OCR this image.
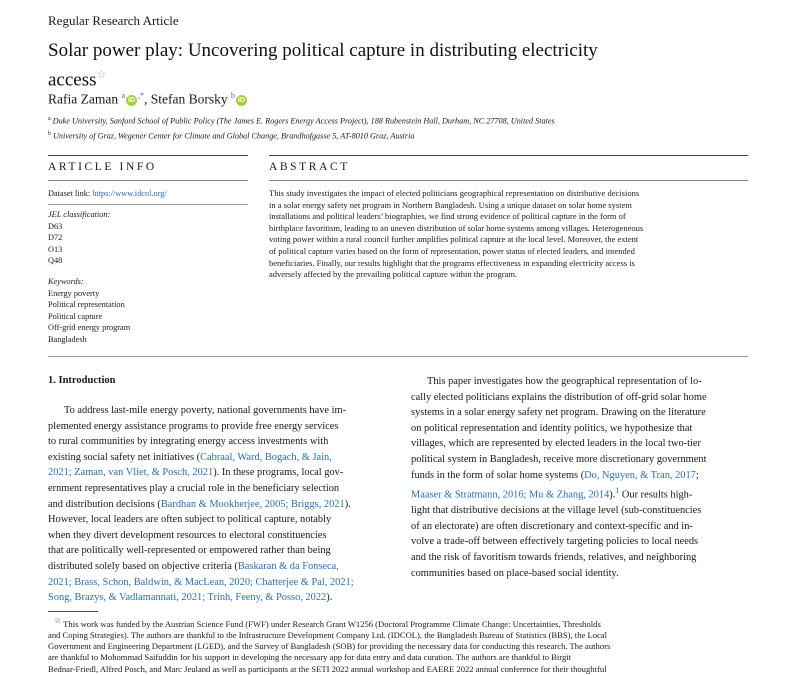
Regular Research Article
Solar power play: Uncovering political capture in distributing electricity
access☆
Rafia Zaman $^a$iD,*, Stefan Borsky $^b$iD
$^a$ Duke University, Sanford School of Public Policy (The James E. Rogers Energy Access Project), 188 Rubenstein Hall, Durham, NC 27708, United States
$^b$ University of Graz, Wegener Center for Climate and Global Change, Brandhofgasse 5, AT-8010 Graz, Austria
ARTICLE INFO
Dataset link: https://www.idcol.org/
JEL classification:
D63
D72
O13
Q48
Keywords:
Energy poverty
Political representation
Political capture
Off-grid energy program
Bangladesh
ABSTRACT
This study investigates the impact of elected politicians geographical representation on distributive decisions
in a solar energy safety net program in Northern Bangladesh. Using a unique dataset on solar home system
installations and political leaders’ biographies, we find strong evidence of political capture in the form of
birthplace favoritism, leading to an uneven distribution of solar home systems among villages. Heterogeneous
voting power within a rural council further amplifies political capture at the local level. Moreover, the extent
of political capture varies based on the form of representation, power status of elected leaders, and intended
beneficiaries. Finally, our results highlight that the programs effectiveness in expanding electricity access is
adversely affected by the prevailing political capture within the program.
1. Introduction

To address last-mile energy poverty, national governments have im-

plemented energy assistance programs to provide free energy services

to rural communities by integrating energy access investments with

existing social safety net initiatives (Cabraal, Ward, Bogach, & Jain,

2021; Zaman, van Vliet, & Posch, 2021). In these programs, local gov-

ernment representatives play a crucial role in the beneficiary selection

and distribution decisions (Bardhan & Mookherjee, 2005; Briggs, 2021).

However, local leaders are often subject to political capture, notably

when they divert development resources to electoral constituencies

that are politically well-represented or empowered rather than being

distributed solely based on objective criteria (Baskaran & da Fonseca,

2021; Brass, Schon, Baldwin, & MacLean, 2020; Chatterjee & Pal, 2021;

Song, Brazys, & Vadlamannati, 2021; Trinh, Feeny, & Posso, 2022).

This paper investigates how the geographical representation of lo-

cally elected politicians explains the distribution of off-grid solar home

systems in a solar energy safety net program. Drawing on the literature

on political representation and identity politics, we hypothesize that

villages, which are represented by elected leaders in the local two-tier

political system in Bangladesh, receive more discretionary government

funds in the form of solar home systems (Do, Nguyen, & Tran, 2017;

Maaser & Stratmann, 2016; Mu & Zhang, 2014).$^1$ Our results high-

light that distributive decisions at the village level (sub-constituencies

of an electorate) are often discretionary and context-specific and in-

volve a trade-off between effectively targeting policies to local needs

and the risk of favoritism towards friends, relatives, and neighboring

communities based on place-based social identity.

☆ This work was funded by the Austrian Science Fund (FWF) under Research Grant W1256 (Doctoral Programme Climate Change: Uncertainties, Thresholds
and Coping Strategies). The authors are thankful to the Infrastructure Development Company Ltd. (IDCOL), the Bangladesh Bureau of Statistics (BBS), the Local
Government and Engineering Department (LGED), and the Survey of Bangladesh (SOB) for providing the necessary data for conducting this research. The authors
are thankful to Mohommad Saifuddin for his support in developing the necessary app for data entry and data curation. The authors are thankful to Birgit
Bednar-Friedl, Alfred Posch, and Marc Jeuland as well as participants at the SETI 2022 annual workshop and EAERE 2022 annual conference for their thoughtful
